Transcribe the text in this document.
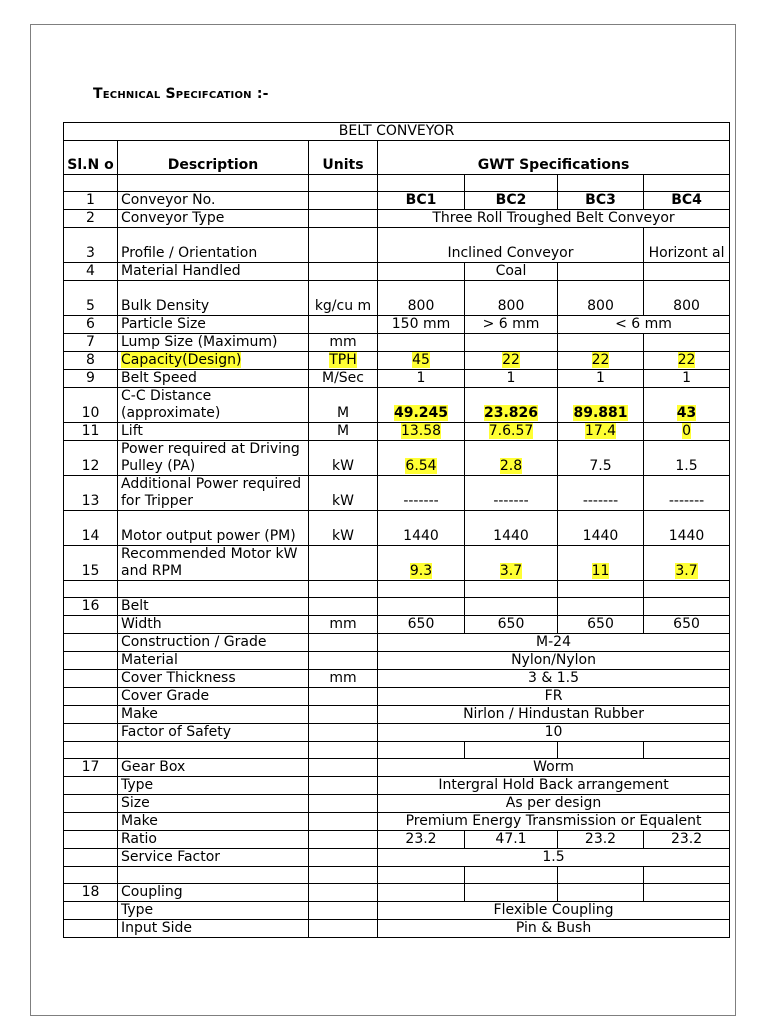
Technical Specifcation :-
BELT CONVEYOR						
Sl.N o	Description	Units	GWT Specifications			

1	Conveyor No.		BC1	BC2	BC3	BC4
2	Conveyor Type		Three Roll Troughed Belt Conveyor			
3	Profile / Orientation		Inclined Conveyor			Horizont al
4	Material Handled			Coal		
5	Bulk Density	kg/cu m	800	800	800	800
6	Particle Size		150 mm	> 6 mm	< 6 mm	
7	Lump Size (Maximum)	mm				
8	Capacity(Design)	TPH	45	22	22	22
9	Belt Speed	M/Sec	1	1	1	1
10	C-C Distance (approximate)	M	49.245	23.826	89.881	43
11	Lift	M	13.58	7.6.57	17.4	0
12	Power required at Driving Pulley (PA)	kW	6.54	2.8	7.5	1.5
13	Additional Power required for Tripper	kW	-------	-------	-------	-------
14	Motor output power (PM)	kW	1440	1440	1440	1440
15	Recommended Motor kW and RPM		9.3	3.7	11	3.7

16	Belt					
	Width	mm	650	650	650	650
	Construction / Grade		M-24			
	Material		Nylon/Nylon			
	Cover Thickness	mm	3 & 1.5			
	Cover Grade		FR			
	Make		Nirlon / Hindustan Rubber			
	Factor of Safety		10			

17	Gear Box		Worm			
	Type		Intergral Hold Back arrangement			
	Size		As per design			
	Make		Premium Energy Transmission or Equalent			
	Ratio		23.2	47.1	23.2	23.2
	Service Factor		1.5			

18	Coupling					
	Type		Flexible Coupling			
	Input Side		Pin & Bush			
